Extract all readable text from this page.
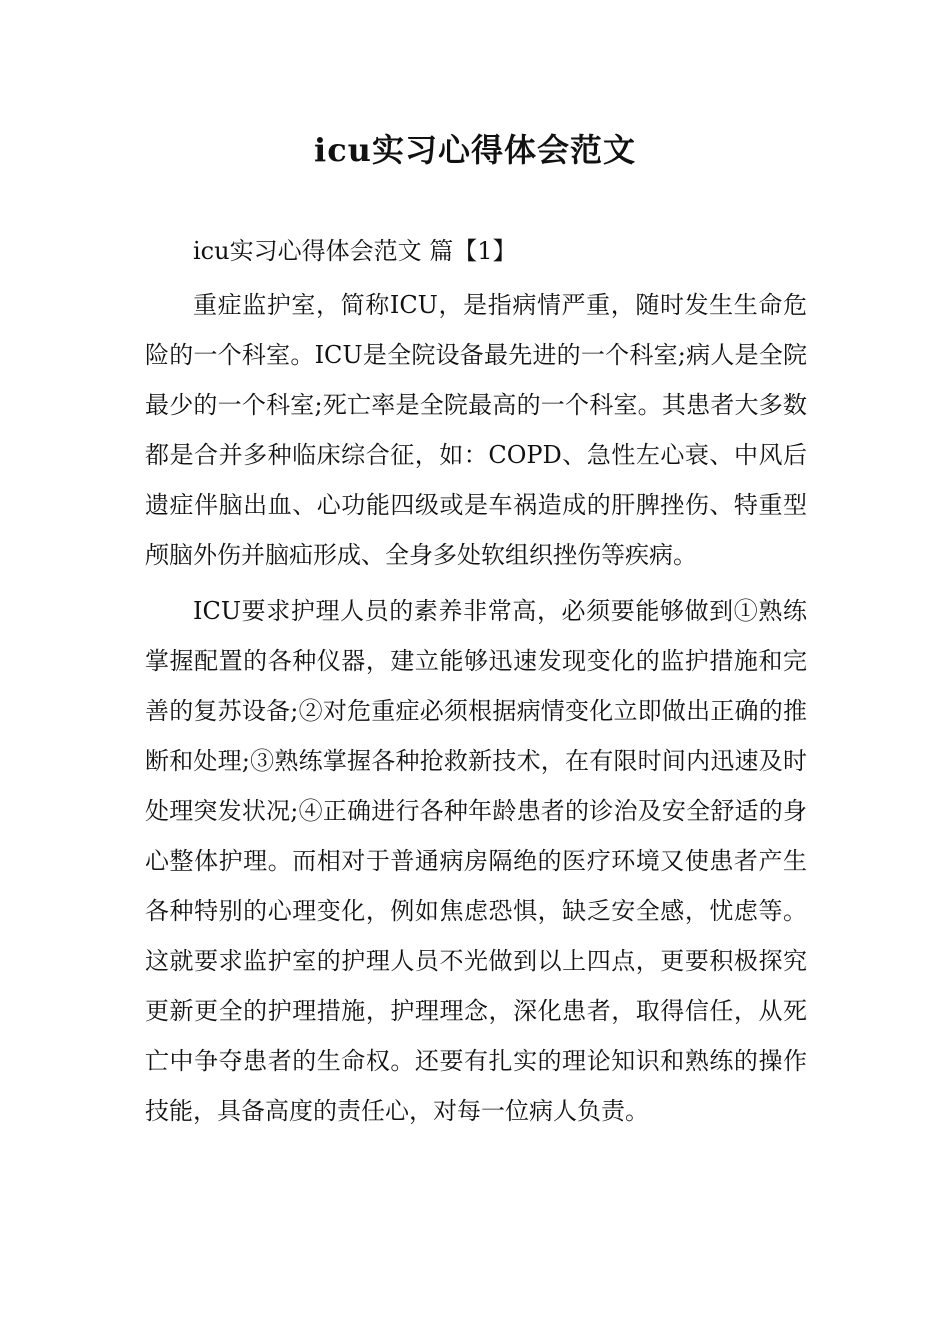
icu实习心得体会范文

icu实习心得体会范文 篇【1】

重症监护室，简称ICU，是指病情严重，随时发生生命危险的一个科室。ICU是全院设备最先进的一个科室;病人是全院最少的一个科室;死亡率是全院最高的一个科室。其患者大多数都是合并多种临床综合征，如：COPD、急性左心衰、中风后遗症伴脑出血、心功能四级或是车祸造成的肝脾挫伤、特重型颅脑外伤并脑疝形成、全身多处软组织挫伤等疾病。

ICU要求护理人员的素养非常高，必须要能够做到①熟练掌握配置的各种仪器，建立能够迅速发现变化的监护措施和完善的复苏设备;②对危重症必须根据病情变化立即做出正确的推断和处理;③熟练掌握各种抢救新技术，在有限时间内迅速及时处理突发状况;④正确进行各种年龄患者的诊治及安全舒适的身心整体护理。而相对于普通病房隔绝的医疗环境又使患者产生各种特别的心理变化，例如焦虑恐惧，缺乏安全感，忧虑等。这就要求监护室的护理人员不光做到以上四点，更要积极探究更新更全的护理措施，护理理念，深化患者，取得信任，从死亡中争夺患者的生命权。还要有扎实的理论知识和熟练的操作技能，具备高度的责任心，对每一位病人负责。
